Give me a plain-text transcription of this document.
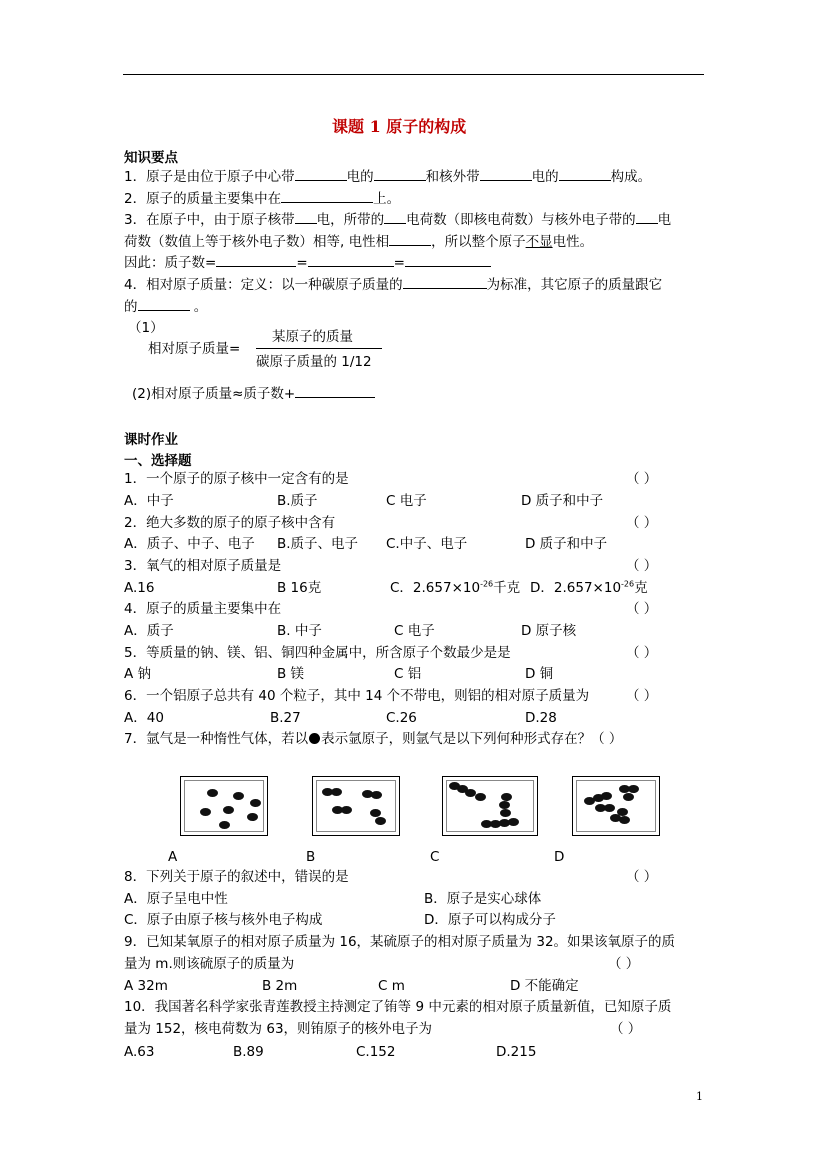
课题 1 原子的构成
知识要点
1．原子是由位于原子中心带	电的	和核外带	电的	构成。
2．原子的质量主要集中在	上。
3．在原子中，由于原子核带 电，所带的 电荷数（即核电荷数）与核外电子带的 电
荷数（数值上等于核外电子数）相等, 电性相	，所以整个原子不显电性。
因此：质子数=	=	=
4．相对原子质量：定义：以一种碳原子质量的	为标准，其它原子的质量跟它
的	。
（1）
相对原子质量=
某原子的质量
碳原子质量的 1/12
(2)相对原子质量≈质子数+
课时作业
一、选择题
1．一个原子的原子核中一定含有的是	（ ）
A．中子	B.质子	C 电子	D 质子和中子
2．绝大多数的原子的原子核中含有	（ ）
A．质子、中子、电子 B.质子、电子 C.中子、电子	D 质子和中子
3．氧气的相对原子质量是	（ ）
A.16	B 16克	C．$2.657\times 10^{-26}$千克 D．$2.657\times 10^{-26}$克
4．原子的质量主要集中在	（ ）
A．质子	B. 中子	C 电子	D 原子核
5．等质量的钠、镁、铝、铜四种金属中，所含原子个数最少是是	（ ）
A 钠	B 镁	C 铝	D 铜
6．一个铝原子总共有 40 个粒子，其中 14 个不带电，则铝的相对原子质量为	（ ）
A．40	B.27	C.26	D.28
7．氩气是一种惰性气体，若以 表示氩原子，则氩气是以下列何种形式存在？（ ）
A	B	C	D
8．下列关于原子的叙述中，错误的是	（ ）
A．原子呈电中性	B．原子是实心球体
C．原子由原子核与核外电子构成	D．原子可以构成分子
9．已知某氧原子的相对原子质量为 16，某硫原子的相对原子质量为 32。如果该氧原子的质
量为 m.则该硫原子的质量为	（ ）
A 32m	B 2m	C m	D 不能确定
10．我国著名科学家张青莲教授主持测定了铕等 9 中元素的相对原子质量新值，已知原子质
量为 152，核电荷数为 63，则铕原子的核外电子为	（ ）
A.63	B.89	C.152	D.215
1
